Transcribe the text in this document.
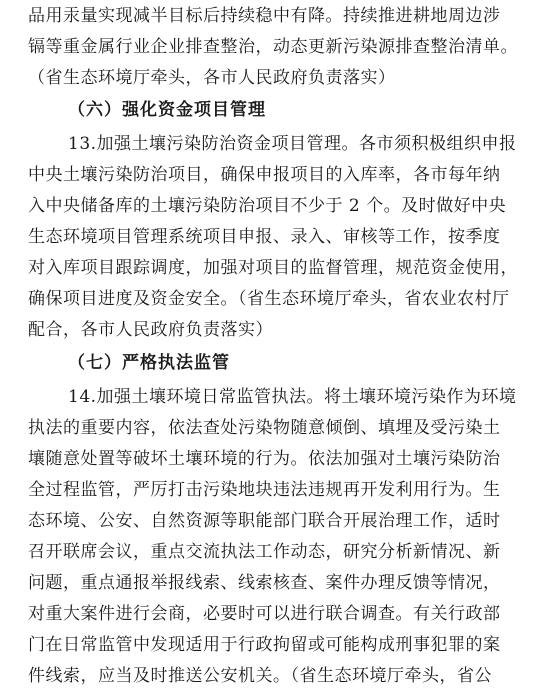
品用汞量实现减半目标后持续稳中有降。持续推进耕地周边涉
镉等重金属行业企业排查整治，动态更新污染源排查整治清单。
（省生态环境厅牵头，各市人民政府负责落实）
（六）强化资金项目管理
13.加强土壤污染防治资金项目管理。各市须积极组织申报
中央土壤污染防治项目，确保申报项目的入库率，各市每年纳
入中央储备库的土壤污染防治项目不少于 2 个。及时做好中央
生态环境项目管理系统项目申报、录入、审核等工作，按季度
对入库项目跟踪调度，加强对项目的监督管理，规范资金使用，
确保项目进度及资金安全。（省生态环境厅牵头，省农业农村厅
配合，各市人民政府负责落实）
（七）严格执法监管
14.加强土壤环境日常监管执法。将土壤环境污染作为环境
执法的重要内容，依法查处污染物随意倾倒、填埋及受污染土
壤随意处置等破坏土壤环境的行为。依法加强对土壤污染防治
全过程监管，严厉打击污染地块违法违规再开发利用行为。生
态环境、公安、自然资源等职能部门联合开展治理工作，适时
召开联席会议，重点交流执法工作动态，研究分析新情况、新
问题，重点通报举报线索、线索核查、案件办理反馈等情况，
对重大案件进行会商，必要时可以进行联合调查。有关行政部
门在日常监管中发现适用于行政拘留或可能构成刑事犯罪的案
件线索，应当及时推送公安机关。（省生态环境厅牵头，省公
